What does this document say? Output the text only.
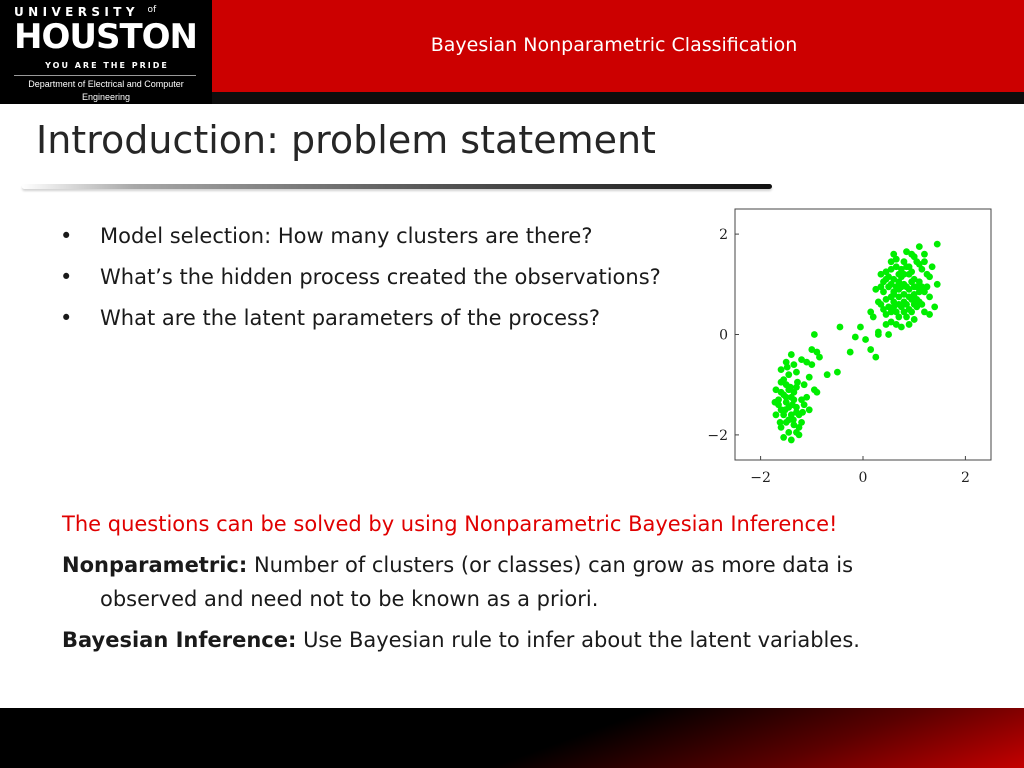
UNIVERSITY $^{of}$
HOUSTON
YOU ARE THE PRIDE
Department of Electrical and Computer Engineering
Bayesian Nonparametric Classification
Introduction: problem statement
• Model selection: How many clusters are there?
• What’s the hidden process created the observations?
• What are the latent parameters of the process?
−2	0	2
−2
0
2
The questions can be solved by using Nonparametric Bayesian Inference!
Nonparametric: Number of clusters (or classes) can grow as more data is
observed and need not to be known as a priori.
Bayesian Inference: Use Bayesian rule to infer about the latent variables.
